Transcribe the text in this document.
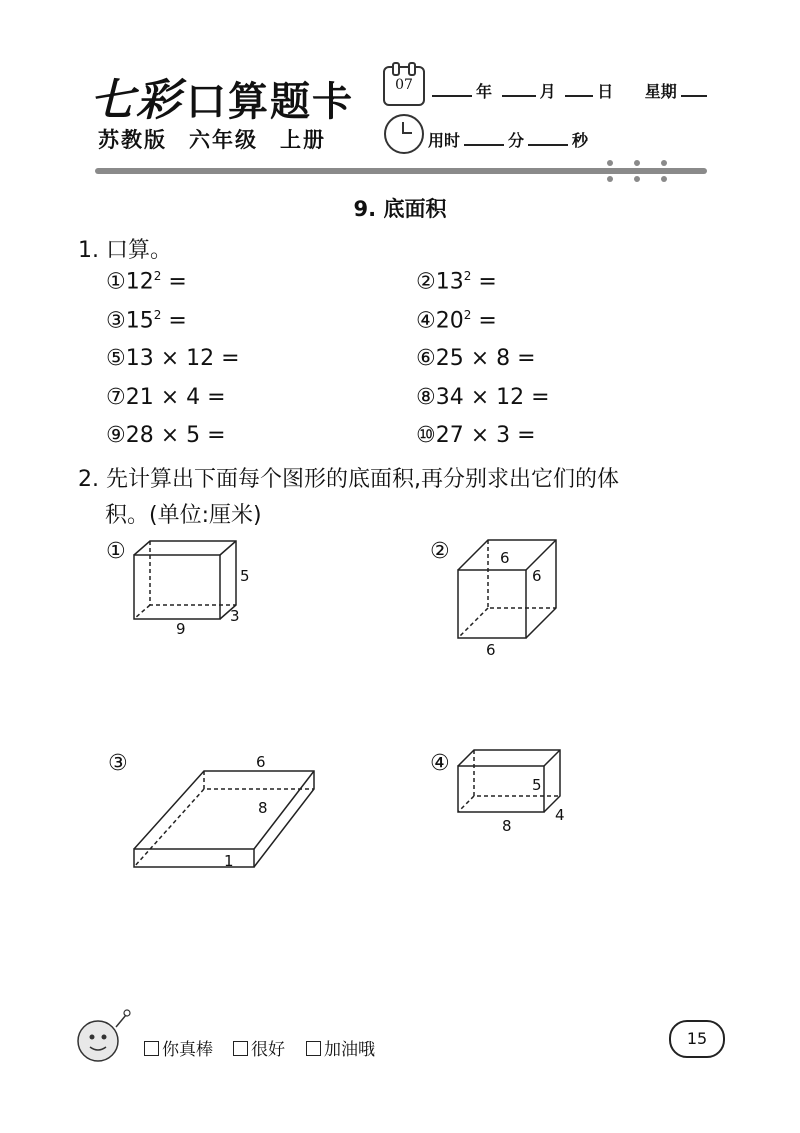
七彩 口算题卡
苏教版 六年级 上册
07	年	月	日 星期
用时	分	秒
9. 底面积
1. 口算。
$①12^2$ =	$②13^2$ =
$③15^2$ =	$④20^2$ =
⑤13 × 12 =	⑥25 × 8 =
⑦21 × 4 =	⑧34 × 12 =
⑨28 × 5 =	⑩27 × 3 =
2. 先计算出下面每个图形的底面积,再分别求出它们的体
积。(单位:厘米)
①
5
3
9
②	6
6
6
③	6
8
1
④
5
4
8
你真棒	很好	加油哦
15
